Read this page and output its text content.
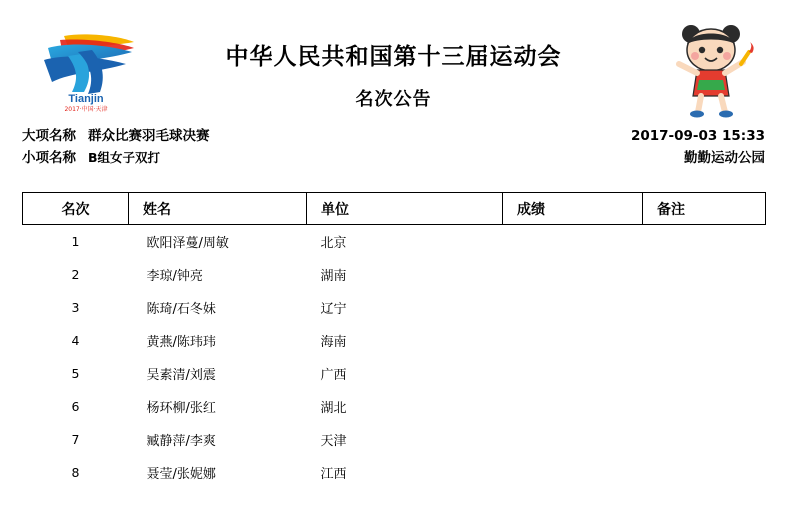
Tianjin
2017·中国·天津
中华人民共和国第十三届运动会
名次公告
大项名称 群众比赛羽毛球决赛	2017-09-03 15:33
小项名称 B组女子双打	勤勤运动公园
名次	姓名	单位	成绩	备注
1	欧阳泽蔓/周敏	北京		
2	李琼/钟亮	湖南		
3	陈琦/石冬妹	辽宁		
4	黄燕/陈玮玮	海南		
5	吴素清/刘震	广西		
6	杨环柳/张红	湖北		
7	臧静萍/李爽	天津		
8	聂莹/张妮娜	江西		
